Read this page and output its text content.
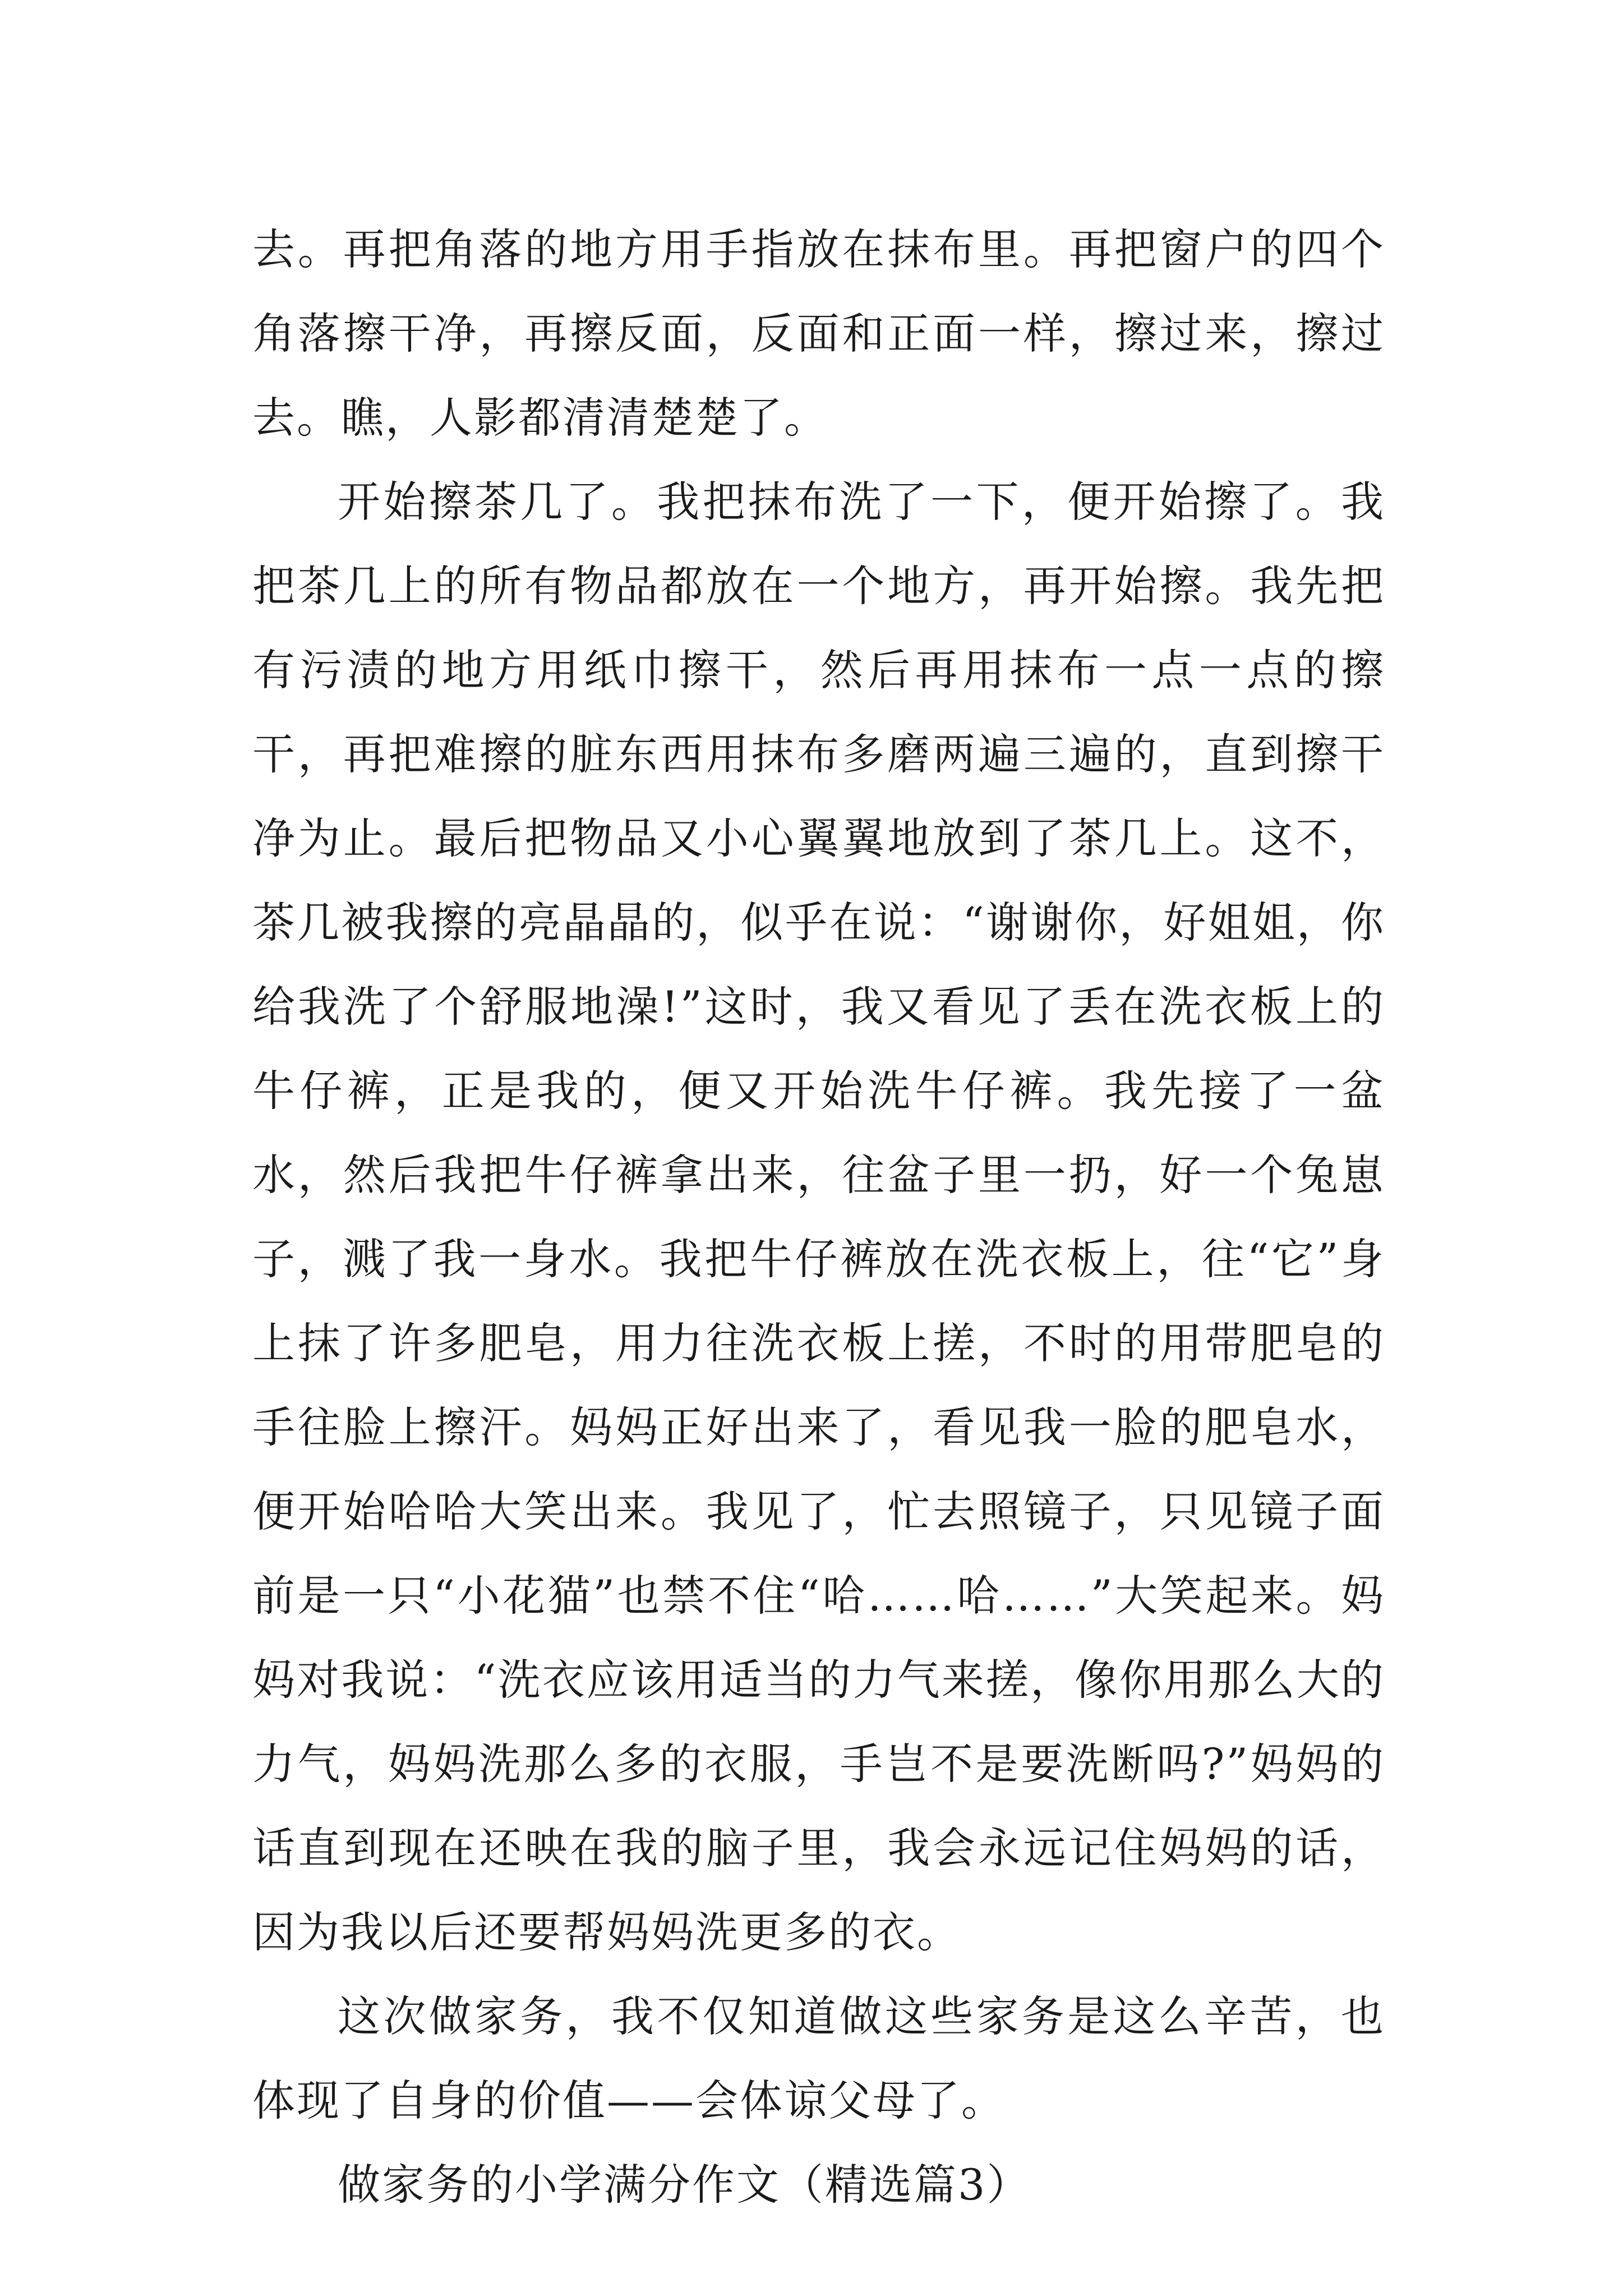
去。再把角落的地方用手指放在抹布里。再把窗户的四个角落擦干净，再擦反面，反面和正面一样，擦过来，擦过去。瞧，人影都清清楚楚了。

开始擦茶几了。我把抹布洗了一下，便开始擦了。我把茶几上的所有物品都放在一个地方，再开始擦。我先把有污渍的地方用纸巾擦干，然后再用抹布一点一点的擦干，再把难擦的脏东西用抹布多磨两遍三遍的，直到擦干净为止。最后把物品又小心翼翼地放到了茶几上。这不，茶几被我擦的亮晶晶的，似乎在说：“谢谢你，好姐姐，你给我洗了个舒服地澡!”这时，我又看见了丢在洗衣板上的牛仔裤，正是我的，便又开始洗牛仔裤。我先接了一盆水，然后我把牛仔裤拿出来，往盆子里一扔，好一个兔崽子，溅了我一身水。我把牛仔裤放在洗衣板上，往“它”身上抹了许多肥皂，用力往洗衣板上搓，不时的用带肥皂的手往脸上擦汗。妈妈正好出来了，看见我一脸的肥皂水，便开始哈哈大笑出来。我见了，忙去照镜子，只见镜子面前是一只“小花猫”也禁不住“哈……哈……”大笑起来。妈妈对我说：“洗衣应该用适当的力气来搓，像你用那么大的力气，妈妈洗那么多的衣服，手岂不是要洗断吗?”妈妈的话直到现在还映在我的脑子里，我会永远记住妈妈的话，因为我以后还要帮妈妈洗更多的衣。

这次做家务，我不仅知道做这些家务是这么辛苦，也体现了自身的价值——会体谅父母了。

做家务的小学满分作文（精选篇3）
